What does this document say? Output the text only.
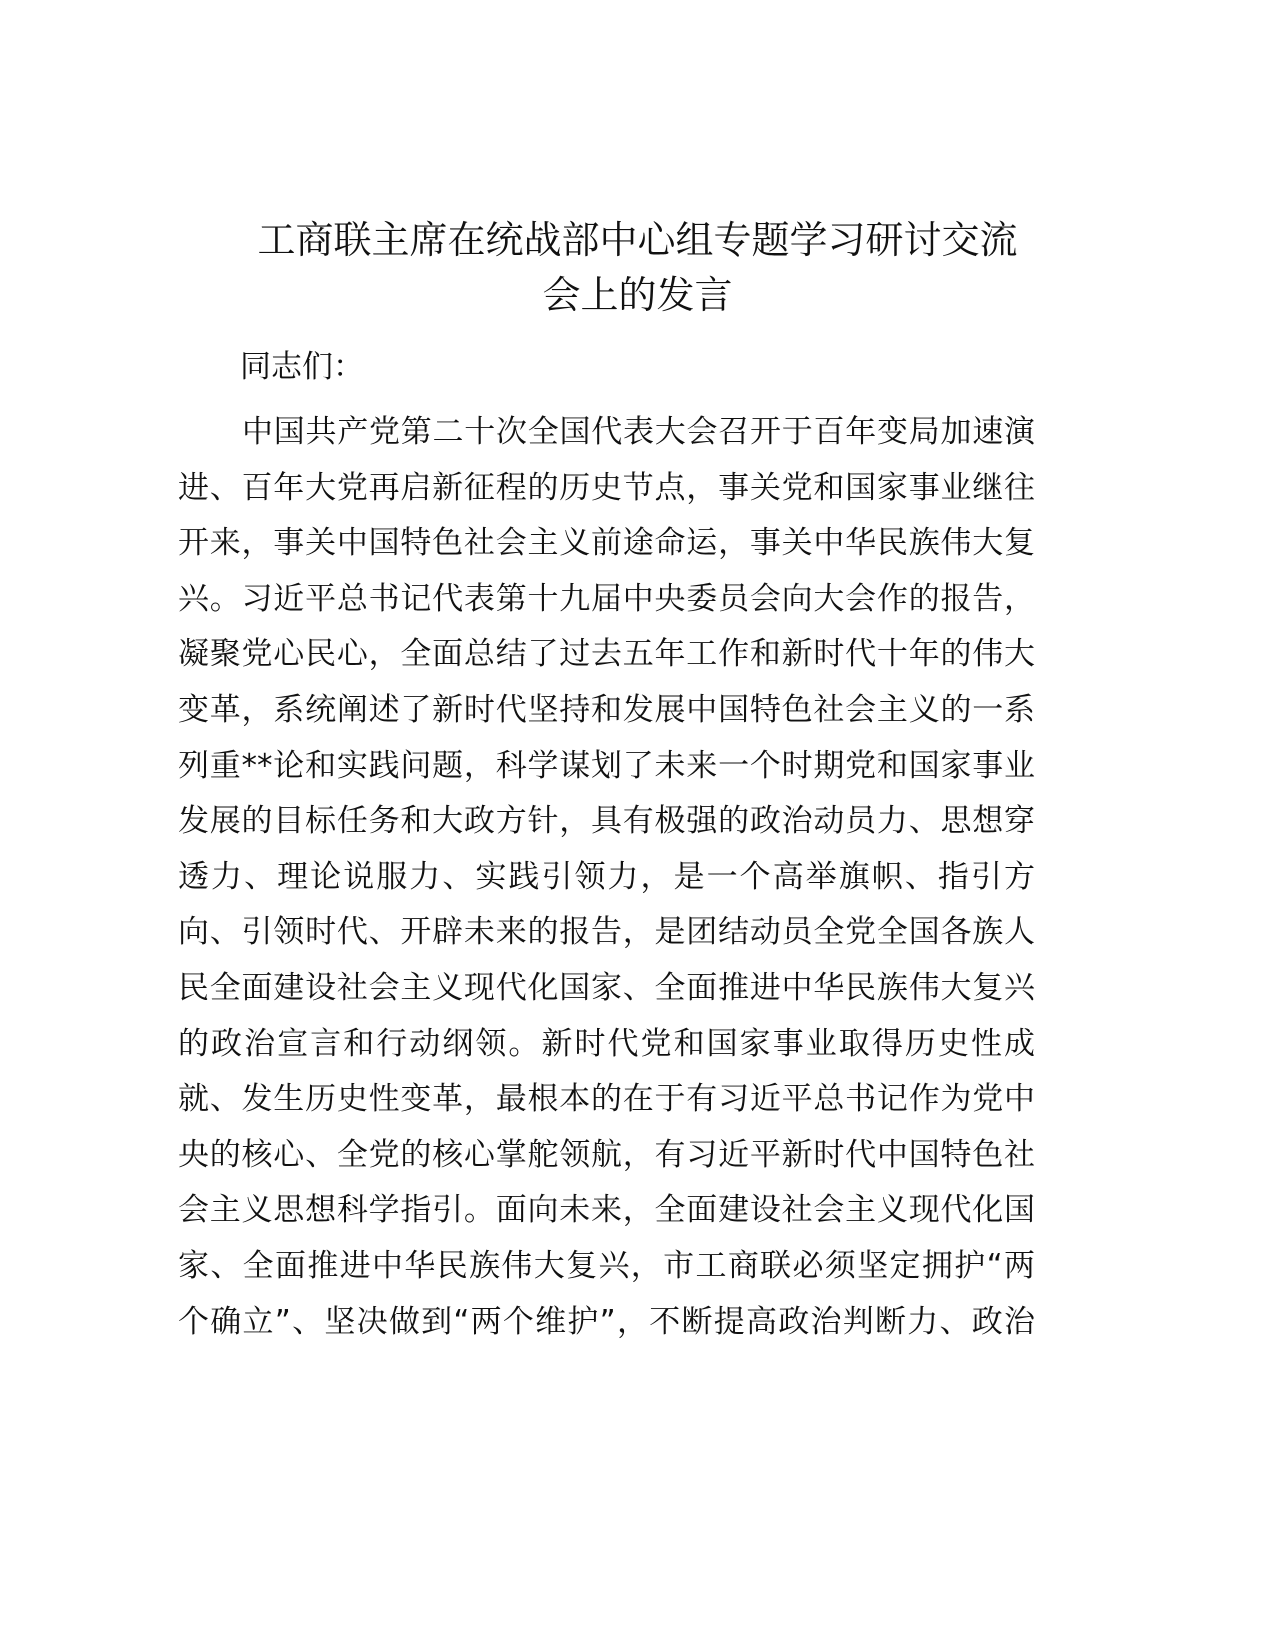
工商联主席在统战部中心组专题学习研讨交流
会上的发言
同志们：
中国共产党第二十次全国代表大会召开于百年变局加速演
进、百年大党再启新征程的历史节点，事关党和国家事业继往
开来，事关中国特色社会主义前途命运，事关中华民族伟大复
兴。习近平总书记代表第十九届中央委员会向大会作的报告，
凝聚党心民心，全面总结了过去五年工作和新时代十年的伟大
变革，系统阐述了新时代坚持和发展中国特色社会主义的一系
列重**论和实践问题，科学谋划了未来一个时期党和国家事业
发展的目标任务和大政方针，具有极强的政治动员力、思想穿
透力、理论说服力、实践引领力，是一个高举旗帜、指引方
向、引领时代、开辟未来的报告，是团结动员全党全国各族人
民全面建设社会主义现代化国家、全面推进中华民族伟大复兴
的政治宣言和行动纲领。新时代党和国家事业取得历史性成
就、发生历史性变革，最根本的在于有习近平总书记作为党中
央的核心、全党的核心掌舵领航，有习近平新时代中国特色社
会主义思想科学指引。面向未来，全面建设社会主义现代化国
家、全面推进中华民族伟大复兴，市工商联必须坚定拥护“两
个确立”、坚决做到“两个维护”，不断提高政治判断力、政治
